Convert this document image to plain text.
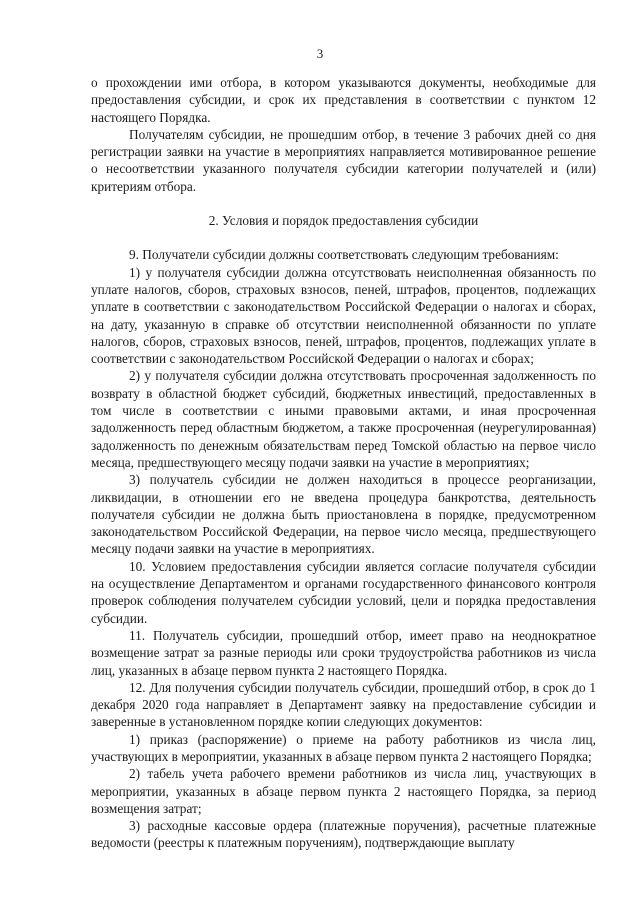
3

о прохождении ими отбора, в котором указываются документы, необходимые для предоставления субсидии, и срок их представления в соответствии с пунктом 12 настоящего Порядка.

Получателям субсидии, не прошедшим отбор, в течение 3 рабочих дней со дня регистрации заявки на участие в мероприятиях направляется мотивированное решение о несоответствии указанного получателя субсидии категории получателей и (или) критериям отбора.

2. Условия и порядок предоставления субсидии

9. Получатели субсидии должны соответствовать следующим требованиям:

1) у получателя субсидии должна отсутствовать неисполненная обязанность по уплате налогов, сборов, страховых взносов, пеней, штрафов, процентов, подлежащих уплате в соответствии с законодательством Российской Федерации о налогах и сборах, на дату, указанную в справке об отсутствии неисполненной обязанности по уплате налогов, сборов, страховых взносов, пеней, штрафов, процентов, подлежащих уплате в соответствии с законодательством Российской Федерации о налогах и сборах;

2) у получателя субсидии должна отсутствовать просроченная задолженность по возврату в областной бюджет субсидий, бюджетных инвестиций, предоставленных в том числе в соответствии с иными правовыми актами, и иная просроченная задолженность перед областным бюджетом, а также просроченная (неурегулированная) задолженность по денежным обязательствам перед Томской областью на первое число месяца, предшествующего месяцу подачи заявки на участие в мероприятиях;

3) получатель субсидии не должен находиться в процессе реорганизации, ликвидации, в отношении его не введена процедура банкротства, деятельность получателя субсидии не должна быть приостановлена в порядке, предусмотренном законодательством Российской Федерации, на первое число месяца, предшествующего месяцу подачи заявки на участие в мероприятиях.

10. Условием предоставления субсидии является согласие получателя субсидии на осуществление Департаментом и органами государственного финансового контроля проверок соблюдения получателем субсидии условий, цели и порядка предоставления субсидии.

11. Получатель субсидии, прошедший отбор, имеет право на неоднократное возмещение затрат за разные периоды или сроки трудоустройства работников из числа лиц, указанных в абзаце первом пункта 2 настоящего Порядка.

12. Для получения субсидии получатель субсидии, прошедший отбор, в срок до 1 декабря 2020 года направляет в Департамент заявку на предоставление субсидии и заверенные в установленном порядке копии следующих документов:

1) приказ (распоряжение) о приеме на работу работников из числа лиц, участвующих в мероприятии, указанных в абзаце первом пункта 2 настоящего Порядка;

2) табель учета рабочего времени работников из числа лиц, участвующих в мероприятии, указанных в абзаце первом пункта 2 настоящего Порядка, за период возмещения затрат;

3) расходные кассовые ордера (платежные поручения), расчетные платежные ведомости (реестры к платежным поручениям), подтверждающие выплату
